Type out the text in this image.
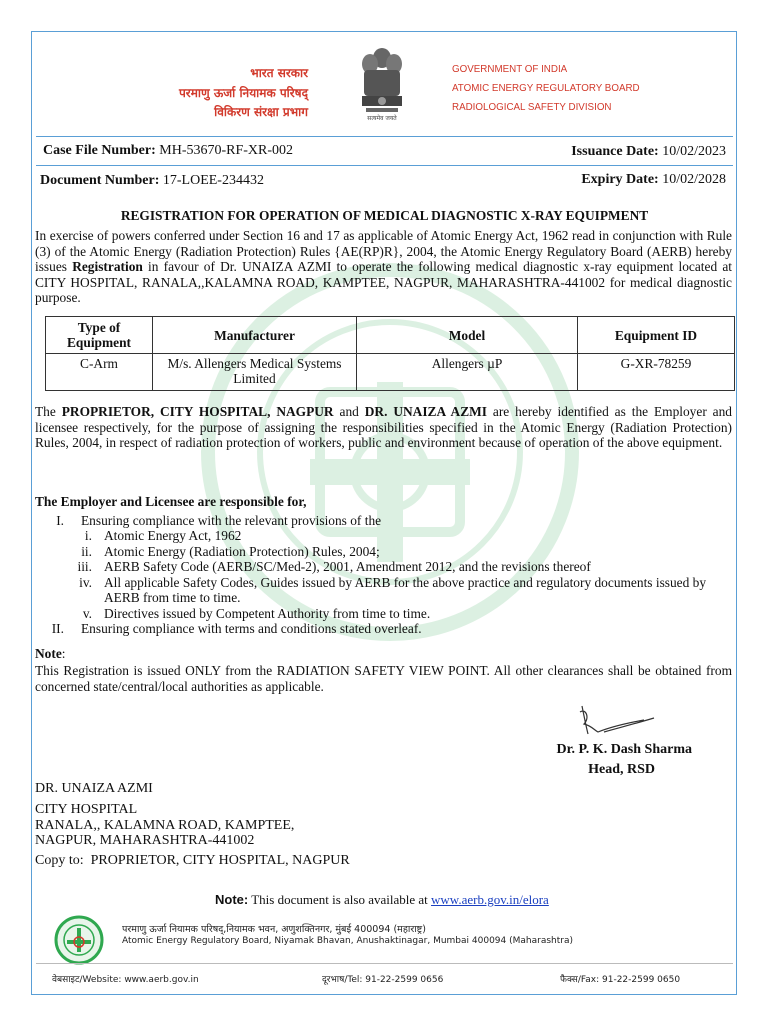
भारत सरकार
परमाणु ऊर्जा नियामक परिषद्
विकिरण संरक्षा प्रभाग	सत्यमेव जयते
GOVERNMENT OF INDIA
ATOMIC ENERGY REGULATORY BOARD
RADIOLOGICAL SAFETY DIVISION
Case File Number: MH-53670-RF-XR-002	Issuance Date: 10/02/2023
Document Number: 17-LOEE-234432	Expiry Date: 10/02/2028
REGISTRATION FOR OPERATION OF MEDICAL DIAGNOSTIC X-RAY EQUIPMENT
In exercise of powers conferred under Section 16 and 17 as applicable of Atomic Energy Act, 1962 read in conjunction with Rule (3) of the Atomic Energy (Radiation Protection) Rules {AE(RP)R}, 2004, the Atomic Energy Regulatory Board (AERB) hereby issues Registration in favour of Dr. UNAIZA AZMI to operate the following medical diagnostic x-ray equipment located at CITY HOSPITAL, RANALA,,KALAMNA ROAD, KAMPTEE, NAGPUR, MAHARASHTRA-441002 for medical diagnostic purpose.
Type of Equipment	Manufacturer	Model	Equipment ID
C-Arm	M/s. Allengers Medical Systems Limited	Allengers µP	G-XR-78259
The PROPRIETOR, CITY HOSPITAL, NAGPUR and DR. UNAIZA AZMI are hereby identified as the Employer and licensee respectively, for the purpose of assigning the responsibilities specified in the Atomic Energy (Radiation Protection) Rules, 2004, in respect of radiation protection of workers, public and environment because of operation of the above equipment.
The Employer and Licensee are responsible for,
I. Ensuring compliance with the relevant provisions of the
i. Atomic Energy Act, 1962
ii. Atomic Energy (Radiation Protection) Rules, 2004;
iii. AERB Safety Code (AERB/SC/Med-2), 2001, Amendment 2012, and the revisions thereof
iv. All applicable Safety Codes, Guides issued by AERB for the above practice and regulatory documents issued by AERB from time to time.
v. Directives issued by Competent Authority from time to time.
II. Ensuring compliance with terms and conditions stated overleaf.
Note:
This Registration is issued ONLY from the RADIATION SAFETY VIEW POINT. All other clearances shall be obtained from concerned state/central/local authorities as applicable.
Dr. P. K. Dash Sharma
Head, RSD
DR. UNAIZA AZMI
CITY HOSPITAL
RANALA,, KALAMNA ROAD, KAMPTEE,
NAGPUR, MAHARASHTRA-441002
Copy to:  PROPRIETOR, CITY HOSPITAL, NAGPUR
Note: This document is also available at www.aerb.gov.in/elora
परमाणु ऊर्जा नियामक परिषद्,नियामक भवन, अणुशक्तिनगर, मुंबई 400094 (महाराष्ट्र)
Atomic Energy Regulatory Board, Niyamak Bhavan, Anushaktinagar, Mumbai 400094 (Maharashtra)
वेबसाइट/Website: www.aerb.gov.in	दूरभाष/Tel: 91-22-2599 0656	फैक्स/Fax: 91-22-2599 0650
